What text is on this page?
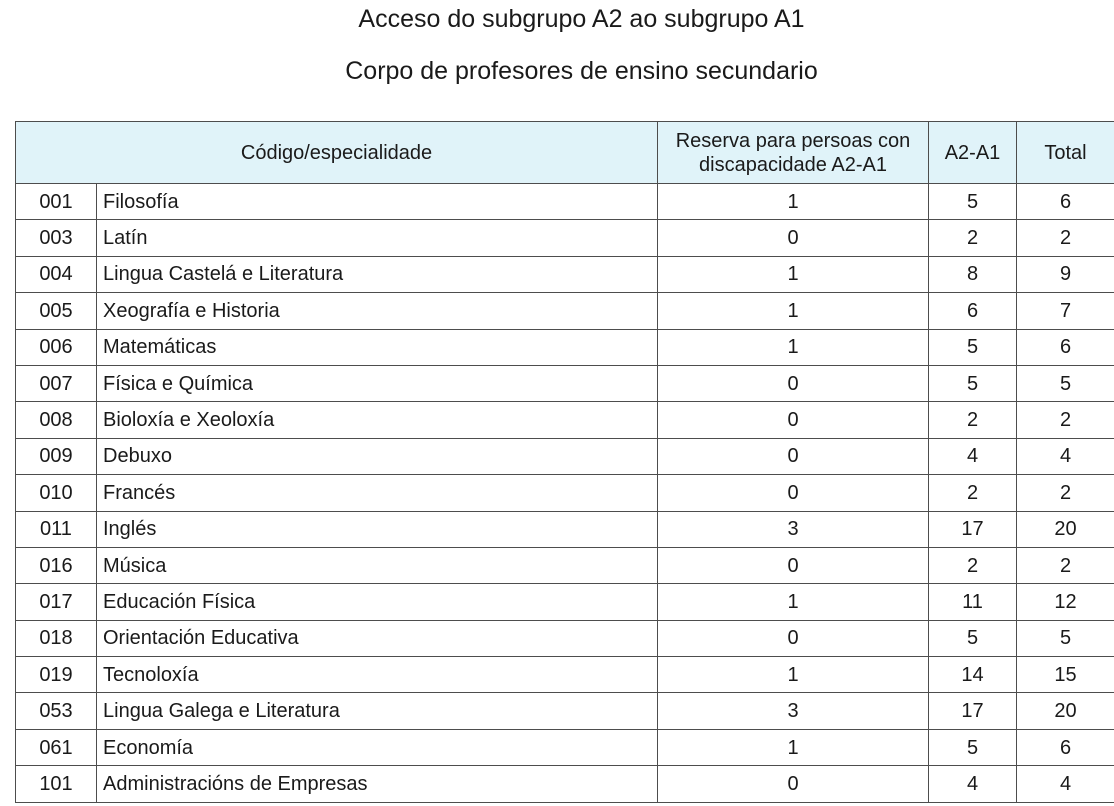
Acceso do subgrupo A2 ao subgrupo A1
Corpo de profesores de ensino secundario
Código/especialidade		Reserva para persoas con discapacidade A2-A1	A2-A1	Total
001	Filosofía	1	5	6
003	Latín	0	2	2
004	Lingua Castelá e Literatura	1	8	9
005	Xeografía e Historia	1	6	7
006	Matemáticas	1	5	6
007	Física e Química	0	5	5
008	Bioloxía e Xeoloxía	0	2	2
009	Debuxo	0	4	4
010	Francés	0	2	2
011	Inglés	3	17	20
016	Música	0	2	2
017	Educación Física	1	11	12
018	Orientación Educativa	0	5	5
019	Tecnoloxía	1	14	15
053	Lingua Galega e Literatura	3	17	20
061	Economía	1	5	6
101	Administracións de Empresas	0	4	4
